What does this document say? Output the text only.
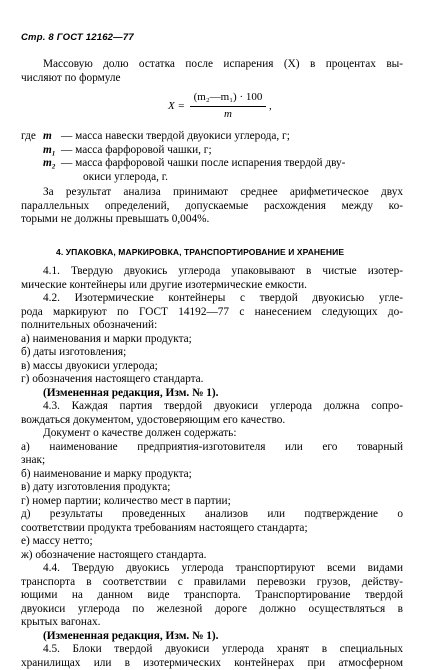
Стр. 8 ГОСТ 12162—77
Массовую долю остатка после испарения (X) в процентах вы-
числяют по формуле
X =
(m₂—m₁) · 100
m
,
где m — масса навески твердой двуокиси углерода, г;
m₁ — масса фарфоровой чашки, г;
m₂ — масса фарфоровой чашки после испарения твердой дву-
окиси углерода, г.
За результат анализа принимают среднее арифметическое двух
параллельных определений, допускаемые расхождения между ко-
торыми не должны превышать 0,004%.
4. УПАКОВКА, МАРКИРОВКА, ТРАНСПОРТИРОВАНИЕ И ХРАНЕНИЕ
4.1. Твердую двуокись углерода упаковывают в чистые изотер-
мические контейнеры или другие изотермические емкости.
4.2. Изотермические контейнеры с твердой двуокисью угле-
рода маркируют по ГОСТ 14192—77 с нанесением следующих до-
полнительных обозначений:
а) наименования и марки продукта;
б) даты изготовления;
в) массы двуокиси углерода;
г) обозначения настоящего стандарта.
(Измененная редакция, Изм. № 1).
4.3. Каждая партия твердой двуокиси углерода должна сопро-
вождаться документом, удостоверяющим его качество.
Документ о качестве должен содержать:
а) наименование предприятия-изготовителя или его товарный
знак;
б) наименование и марку продукта;
в) дату изготовления продукта;
г) номер партии; количество мест в партии;
д) результаты проведенных анализов или подтверждение о
соответствии продукта требованиям настоящего стандарта;
е) массу нетто;
ж) обозначение настоящего стандарта.
4.4. Твердую двуокись углерода транспортируют всеми видами
транспорта в соответствии с правилами перевозки грузов, действу-
ющими на данном виде транспорта. Транспортирование твердой
двуокиси углерода по железной дороге должно осуществляться в
крытых вагонах.
(Измененная редакция, Изм. № 1).
4.5. Блоки твердой двуокиси углерода хранят в специальных
хранилищах или в изотермических контейнерах при атмосферном
